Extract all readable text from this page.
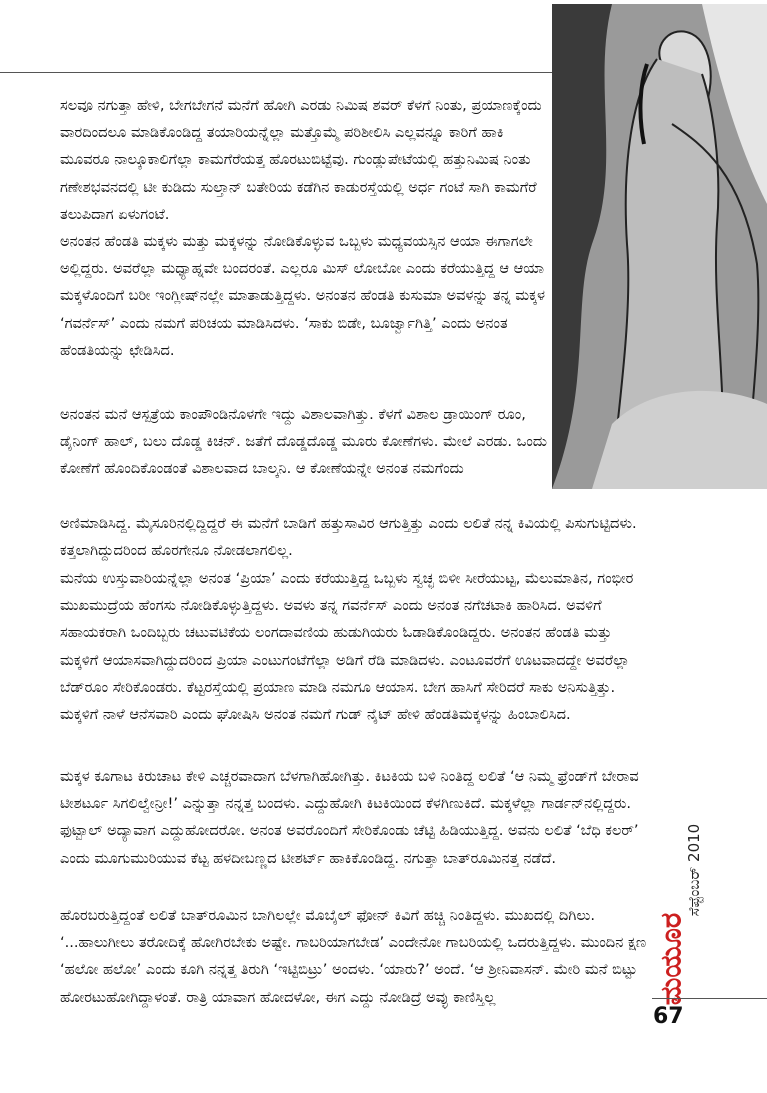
ಸಲವೂ ನಗುತ್ತಾ ಹೇಳಿ, ಬೇಗಬೇಗನೆ ಮನೆಗೆ ಹೋಗಿ ಎರಡು ನಿಮಿಷ ಶವರ್ ಕೆಳಗೆ ನಿಂತು, ಪ್ರಯಾಣಕ್ಕೆಂದು ವಾರದಿಂದಲೂ ಮಾಡಿಕೊಂಡಿದ್ದ ತಯಾರಿಯನ್ನೆಲ್ಲಾ ಮತ್ತೊಮ್ಮೆ ಪರಿಶೀಲಿಸಿ ಎಲ್ಲವನ್ನೂ ಕಾರಿಗೆ ಹಾಕಿ ಮೂವರೂ ನಾಲ್ಕೂಕಾಲಿಗೆಲ್ಲಾ ಕಾಮಗೆರೆಯತ್ತ ಹೊರಟುಬಿಟ್ಟೆವು. ಗುಂಡ್ಲುಪೇಟೆಯಲ್ಲಿ ಹತ್ತುನಿಮಿಷ ನಿಂತು ಗಣೇಶಭವನದಲ್ಲಿ ಟೀ ಕುಡಿದು ಸುಲ್ತಾನ್ ಬತೇರಿಯ ಕಡೆಗಿನ ಕಾಡುರಸ್ತೆಯಲ್ಲಿ ಅರ್ಧ ಗಂಟೆ ಸಾಗಿ ಕಾಮಗೆರೆ ತಲುಪಿದಾಗ ಏಳುಗಂಟೆ.

ಅನಂತನ ಹೆಂಡತಿ ಮಕ್ಕಳು ಮತ್ತು ಮಕ್ಕಳನ್ನು ನೋಡಿಕೊಳ್ಳುವ ಒಬ್ಬಳು ಮಧ್ಯವಯಸ್ಸಿನ ಆಯಾ ಈಗಾಗಲೇ ಅಲ್ಲಿದ್ದರು. ಅವರೆಲ್ಲಾ ಮಧ್ಯಾಹ್ನವೇ ಬಂದರಂತೆ. ಎಲ್ಲರೂ ಮಿಸ್ ಲೋಬೋ ಎಂದು ಕರೆಯುತ್ತಿದ್ದ ಆ ಆಯಾ ಮಕ್ಕಳೊಂದಿಗೆ ಬರೀ ಇಂಗ್ಲೀಷ್‌ನಲ್ಲೇ ಮಾತಾಡುತ್ತಿದ್ದಳು. ಅನಂತನ ಹೆಂಡತಿ ಕುಸುಮಾ ಅವಳನ್ನು ತನ್ನ ಮಕ್ಕಳ ‘ಗವರ್ನೆಸ್’ ಎಂದು ನಮಗೆ ಪರಿಚಯ ಮಾಡಿಸಿದಳು. ‘ಸಾಕು ಬಿಡೇ, ಬೂರ್ಜ್ವಾಗಿತ್ತಿ’ ಎಂದು ಅನಂತ ಹೆಂಡತಿಯನ್ನು ಛೇಡಿಸಿದ.

ಅನಂತನ ಮನೆ ಆಸ್ಪತ್ರೆಯ ಕಾಂಪೌಂಡಿನೊಳಗೇ ಇದ್ದು ವಿಶಾಲವಾಗಿತ್ತು. ಕೆಳಗೆ ವಿಶಾಲ ಡ್ರಾಯಿಂಗ್ ರೂಂ, ಡೈನಿಂಗ್ ಹಾಲ್, ಬಲು ದೊಡ್ಡ ಕಿಚನ್. ಜತೆಗೆ ದೊಡ್ಡದೊಡ್ಡ ಮೂರು ಕೋಣೆಗಳು. ಮೇಲೆ ಎರಡು. ಒಂದು ಕೋಣೆಗೆ ಹೊಂದಿಕೊಂಡಂತೆ ವಿಶಾಲವಾದ ಬಾಲ್ಕನಿ. ಆ ಕೋಣೆಯನ್ನೇ ಅನಂತ ನಮಗೆಂದು

ಅಣಿಮಾಡಿಸಿದ್ದ. ಮೈಸೂರಿನಲ್ಲಿದ್ದಿದ್ದರೆ ಈ ಮನೆಗೆ ಬಾಡಿಗೆ ಹತ್ತುಸಾವಿರ ಆಗುತ್ತಿತ್ತು ಎಂದು ಲಲಿತೆ ನನ್ನ ಕಿವಿಯಲ್ಲಿ ಪಿಸುಗುಟ್ಟಿದಳು. ಕತ್ತಲಾಗಿದ್ದುದರಿಂದ ಹೊರಗೇನೂ ನೋಡಲಾಗಲಿಲ್ಲ.

ಮನೆಯ ಉಸ್ತುವಾರಿಯನ್ನೆಲ್ಲಾ ಅನಂತ ‘ಪ್ರಿಯಾ’ ಎಂದು ಕರೆಯುತ್ತಿದ್ದ ಒಬ್ಬಳು ಸ್ವಚ್ಛ ಬಿಳೀ ಸೀರೆಯುಟ್ಟ, ಮೆಲುಮಾತಿನ, ಗಂಭೀರ ಮುಖಮುದ್ರೆಯ ಹೆಂಗಸು ನೋಡಿಕೊಳ್ಳುತ್ತಿದ್ದಳು. ಅವಳು ತನ್ನ ಗವರ್ನೆಸ್ ಎಂದು ಅನಂತ ನಗೆಚಟಾಕಿ ಹಾರಿಸಿದ. ಅವಳಿಗೆ ಸಹಾಯಕರಾಗಿ ಒಂದಿಬ್ಬರು ಚಟುವಟಿಕೆಯ ಲಂಗದಾವಣಿಯ ಹುಡುಗಿಯರು ಓಡಾಡಿಕೊಂಡಿದ್ದರು. ಅನಂತನ ಹೆಂಡತಿ ಮತ್ತು ಮಕ್ಕಳಿಗೆ ಆಯಾಸವಾಗಿದ್ದುದರಿಂದ ಪ್ರಿಯಾ ಎಂಟುಗಂಟೆಗೆಲ್ಲಾ ಅಡಿಗೆ ರೆಡಿ ಮಾಡಿದಳು. ಎಂಟೂವರೆಗೆ ಊಟವಾದದ್ದೇ ಅವರೆಲ್ಲಾ ಬೆಡ್‌ರೂಂ ಸೇರಿಕೊಂಡರು. ಕೆಟ್ಟರಸ್ತೆಯಲ್ಲಿ ಪ್ರಯಾಣ ಮಾಡಿ ನಮಗೂ ಆಯಾಸ. ಬೇಗ ಹಾಸಿಗೆ ಸೇರಿದರೆ ಸಾಕು ಅನಿಸುತ್ತಿತ್ತು. ಮಕ್ಕಳಿಗೆ ನಾಳೆ ಆನೆಸವಾರಿ ಎಂದು ಘೋಷಿಸಿ ಅನಂತ ನಮಗೆ ಗುಡ್ ನೈಟ್ ಹೇಳಿ ಹೆಂಡತಿಮಕ್ಕಳನ್ನು ಹಿಂಬಾಲಿಸಿದ.

ಮಕ್ಕಳ ಕೂಗಾಟ ಕಿರುಚಾಟ ಕೇಳಿ ಎಚ್ಚರವಾದಾಗ ಬೆಳಗಾಗಿಹೋಗಿತ್ತು. ಕಿಟಕಿಯ ಬಳಿ ನಿಂತಿದ್ದ ಲಲಿತೆ ‘ಆ ನಿಮ್ಮ ಫ್ರೆಂಡ್‌ಗೆ ಬೇರಾವ ಟೀಶರ್ಟೂ ಸಿಗಲಿಲ್ವೇನ್ರೀ!’ ಎನ್ನುತ್ತಾ ನನ್ನತ್ತ ಬಂದಳು. ಎದ್ದುಹೋಗಿ ಕಿಟಕಿಯಿಂದ ಕೆಳಗಿಣುಕಿದೆ. ಮಕ್ಕಳೆಲ್ಲಾ ಗಾರ್ಡನ್‌ನಲ್ಲಿದ್ದರು. ಫುಟ್ಬಾಲ್ ಅದ್ಯಾವಾಗ ಎದ್ದುಹೋದರೋ. ಅನಂತ ಅವರೊಂದಿಗೆ ಸೇರಿಕೊಂಡು ಚೆಟ್ಟಿ ಹಿಡಿಯುತ್ತಿದ್ದ. ಅವನು ಲಲಿತೆ ‘ಬೆಧಿ ಕಲರ್’ ಎಂದು ಮೂಗುಮುರಿಯುವ ಕೆಟ್ಟ ಹಳದೀಬಣ್ಣದ ಟೀಶರ್ಟ್ ಹಾಕಿಕೊಂಡಿದ್ದ. ನಗುತ್ತಾ ಬಾತ್‌ರೂಮಿನತ್ತ ನಡೆದೆ.

ಹೊರಬರುತ್ತಿದ್ದಂತೆ ಲಲಿತೆ ಬಾತ್‌ರೂಮಿನ ಬಾಗಿಲಲ್ಲೇ ಮೊಬೈಲ್ ಫೋನ್ ಕಿವಿಗೆ ಹಚ್ಚಿ ನಿಂತಿದ್ದಳು. ಮುಖದಲ್ಲಿ ದಿಗಿಲು. ‘...ಹಾಲುಗೀಲು ತರೋದಿಕ್ಕೆ ಹೋಗಿರಬೇಕು ಅಷ್ಟೇ. ಗಾಬರಿಯಾಗಬೇಡ’ ಎಂದೇನೋ ಗಾಬರಿಯಲ್ಲಿ ಒದರುತ್ತಿದ್ದಳು. ಮುಂದಿನ ಕ್ಷಣ ‘ಹಲೋ ಹಲೋ’ ಎಂದು ಕೂಗಿ ನನ್ನತ್ತ ತಿರುಗಿ ‘ಇಟ್ಟಿಬಿಟ್ರು’ ಅಂದಳು. ‘ಯಾರು?’ ಅಂದೆ. ‘ಆ ಶ್ರೀನಿವಾಸನ್. ಮೇರಿ ಮನೆ ಬಿಟ್ಟು ಹೋರಟುಹೋಗಿದ್ದಾಳಂತೆ. ರಾತ್ರಿ ಯಾವಾಗ ಹೋದಳೋ, ಈಗ ಎದ್ದು ನೋಡಿದ್ರೆ ಅವ್ಳು ಕಾಣಿಸ್ತಿಲ್ಲ

ಸೆಪ್ಟೆಂಬರ್ 2010
ಮಯೂರ
67
